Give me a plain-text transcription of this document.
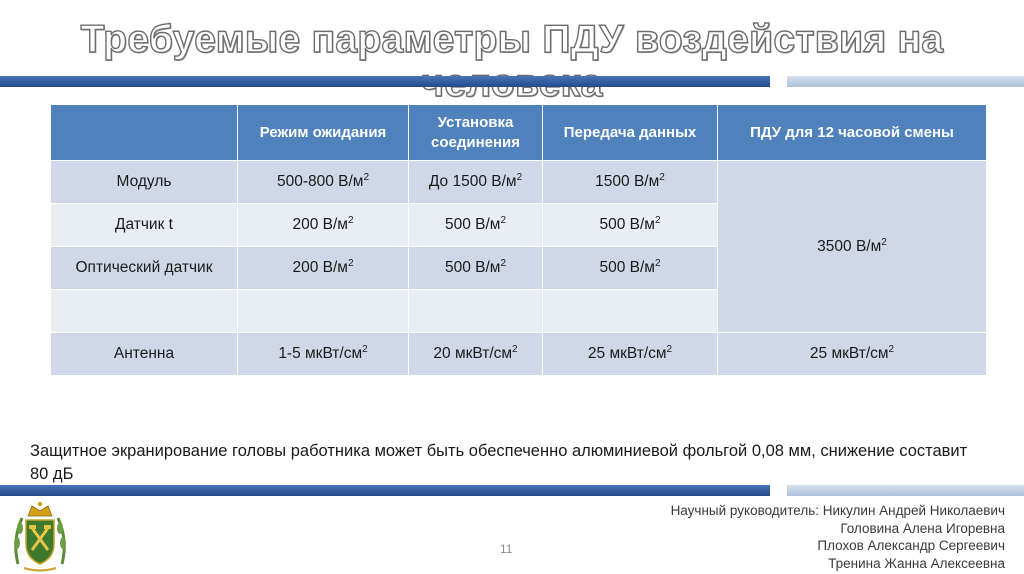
Требуемые параметры ПДУ воздействия на
	Режим ожидания	Установка соединения	Передача данных	ПДУ для 12 часовой смены
Модуль	500-800 $В/м^2$	До 1500 $В/м^2$	1500 $В/м^2$	3500 $В/м^2$
Датчик t	200 $В/м^2$	500 $В/м^2$	500 $В/м^2$
Оптический датчик	200 $В/м^2$	500 $В/м^2$	500 $В/м^2$

Антенна	1-5 мкВт/$см^2$	20 мкВт/$см^2$	25 мкВт/$см^2$	25 мкВт/$см^2$
Защитное экранирование головы работника может быть обеспеченно алюминиевой фольгой 0,08 мм, снижение составит 80 дБ
11
Научный руководитель: Никулин Андрей Николаевич
Головина Алена Игоревна
Плохов Александр Сергеевич
Тренина Жанна Алексеевна
